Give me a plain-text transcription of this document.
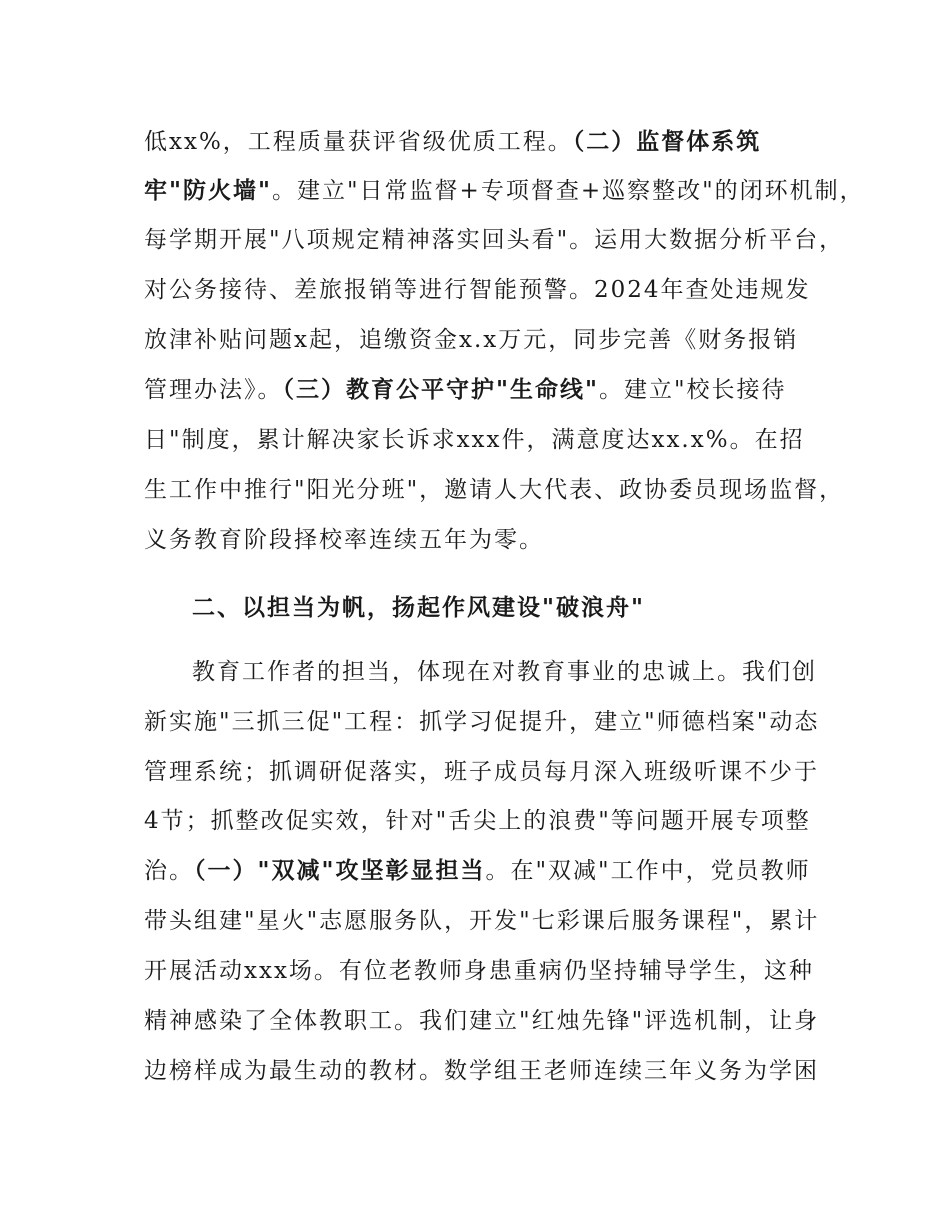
低xx%，工程质量获评省级优质工程。（二）监督体系筑
牢"防火墙"。建立"日常监督+专项督查+巡察整改"的闭环机制，
每学期开展"八项规定精神落实回头看"。运用大数据分析平台，
对公务接待、差旅报销等进行智能预警。2024年查处违规发
放津补贴问题x起，追缴资金x.x万元，同步完善《财务报销
管理办法》。（三）教育公平守护"生命线"。建立"校长接待
日"制度，累计解决家长诉求xxx件，满意度达xx.x%。在招
生工作中推行"阳光分班"，邀请人大代表、政协委员现场监督，
义务教育阶段择校率连续五年为零。
二、以担当为帆，扬起作风建设"破浪舟"
教育工作者的担当，体现在对教育事业的忠诚上。我们创
新实施"三抓三促"工程：抓学习促提升，建立"师德档案"动态
管理系统；抓调研促落实，班子成员每月深入班级听课不少于
4节；抓整改促实效，针对"舌尖上的浪费"等问题开展专项整
治。（一）"双减"攻坚彰显担当。在"双减"工作中，党员教师
带头组建"星火"志愿服务队，开发"七彩课后服务课程"，累计
开展活动xxx场。有位老教师身患重病仍坚持辅导学生，这种
精神感染了全体教职工。我们建立"红烛先锋"评选机制，让身
边榜样成为最生动的教材。数学组王老师连续三年义务为学困
